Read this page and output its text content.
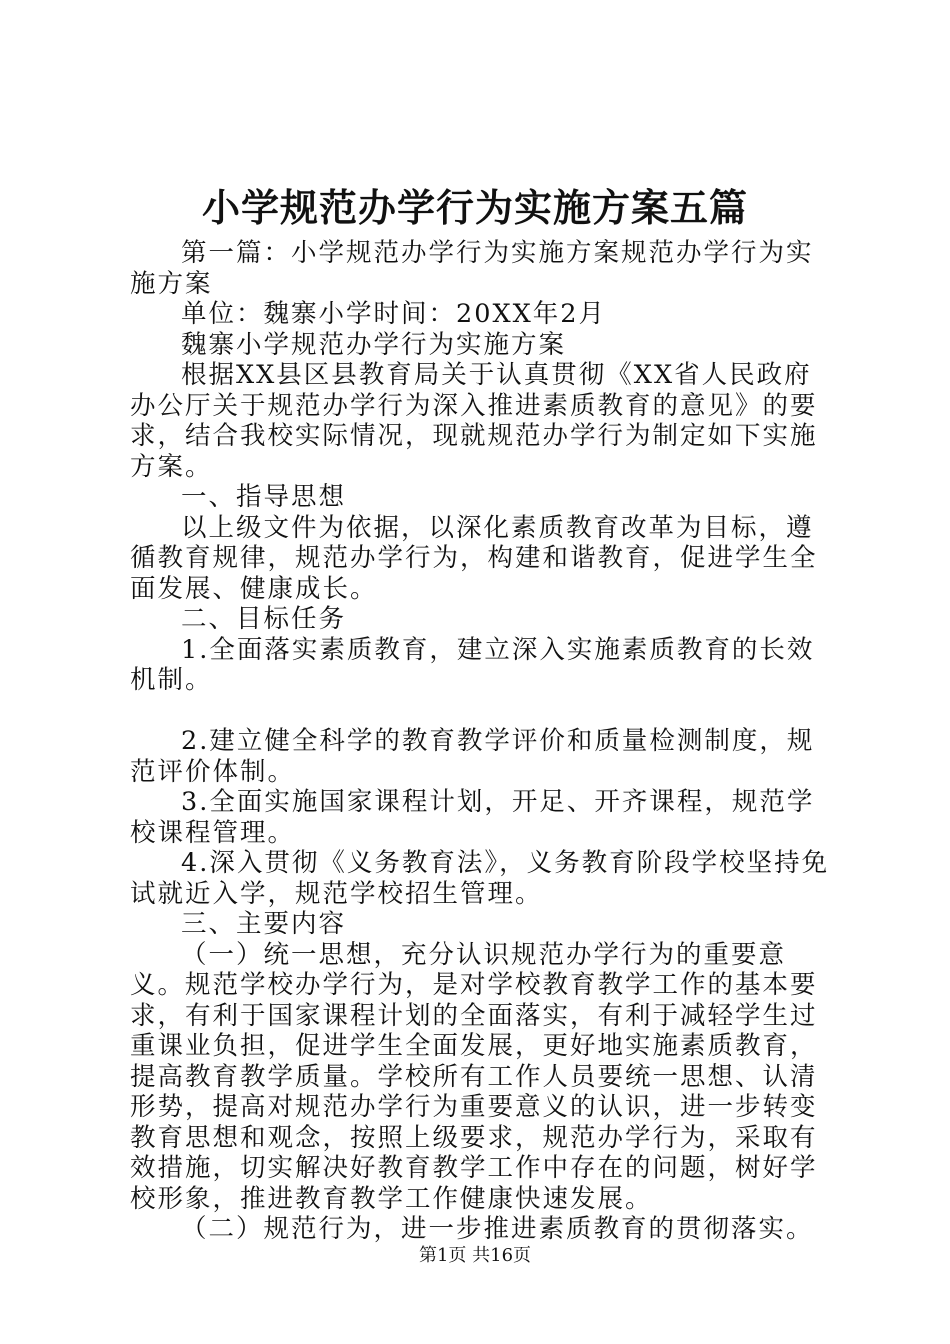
小学规范办学行为实施方案五篇

第一篇：小学规范办学行为实施方案规范办学行为实施方案

单位：魏寨小学时间：20XX年2月

魏寨小学规范办学行为实施方案

根据XX县区县教育局关于认真贯彻《XX省人民政府办公厅关于规范办学行为深入推进素质教育的意见》的要求，结合我校实际情况，现就规范办学行为制定如下实施方案。

一、指导思想

以上级文件为依据，以深化素质教育改革为目标，遵循教育规律，规范办学行为，构建和谐教育，促进学生全面发展、健康成长。

二、目标任务

1.全面落实素质教育，建立深入实施素质教育的长效机制。

2.建立健全科学的教育教学评价和质量检测制度，规范评价体制。

3.全面实施国家课程计划，开足、开齐课程，规范学校课程管理。

4.深入贯彻《义务教育法》，义务教育阶段学校坚持免试就近入学，规范学校招生管理。

三、主要内容

（一）统一思想，充分认识规范办学行为的重要意义。规范学校办学行为，是对学校教育教学工作的基本要求，有利于国家课程计划的全面落实，有利于减轻学生过重课业负担，促进学生全面发展，更好地实施素质教育，提高教育教学质量。学校所有工作人员要统一思想、认清形势，提高对规范办学行为重要意义的认识，进一步转变教育思想和观念，按照上级要求，规范办学行为，采取有效措施，切实解决好教育教学工作中存在的问题，树好学校形象，推进教育教学工作健康快速发展。

（二）规范行为，进一步推进素质教育的贯彻落实。

第1页 共16页
